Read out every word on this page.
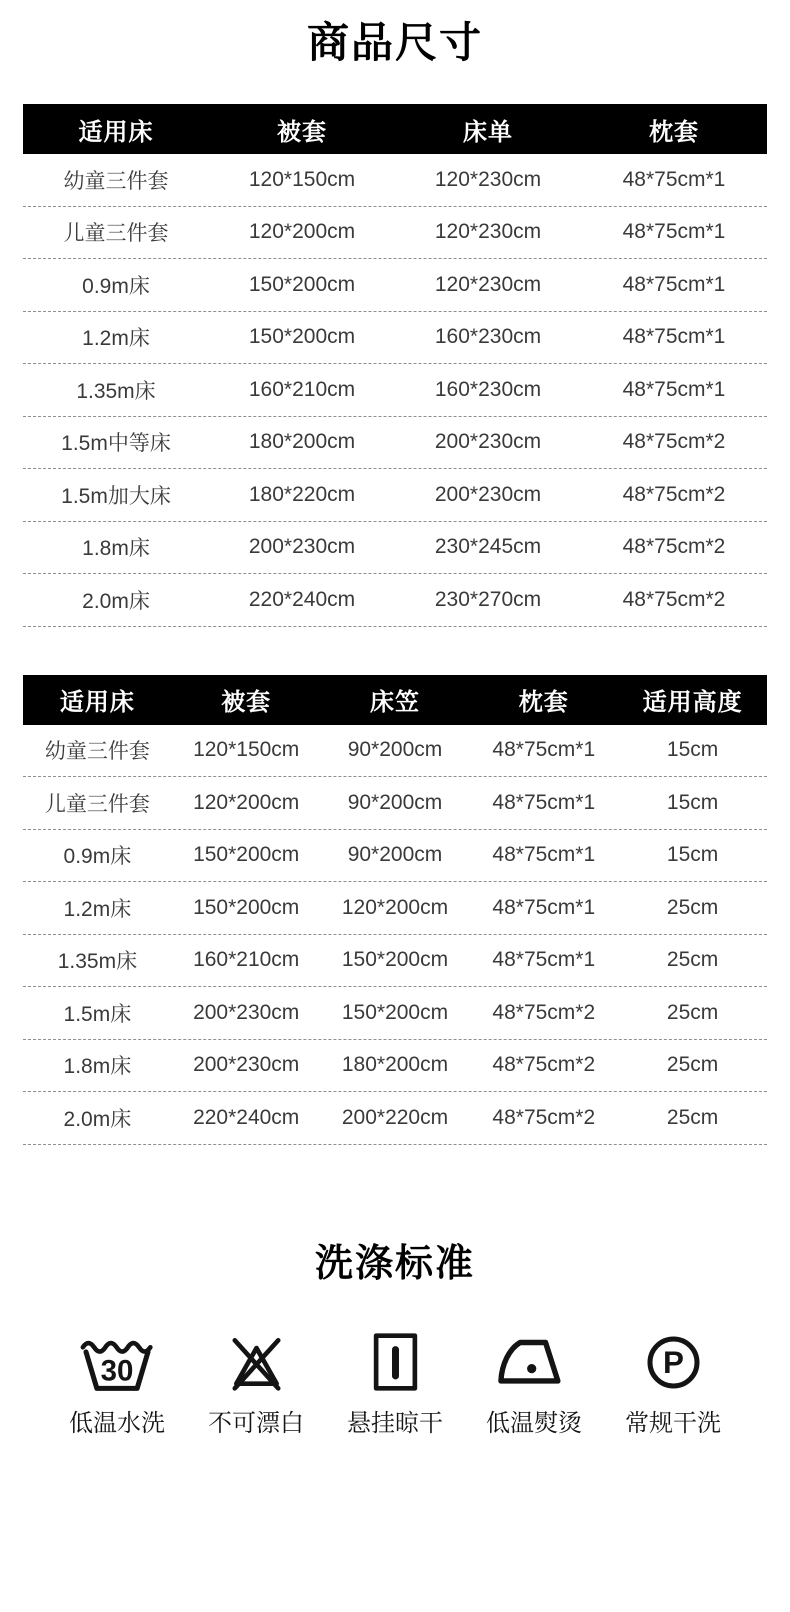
商品尺寸
适用床	被套	床单	枕套
幼童三件套	120*150cm	120*230cm	48*75cm*1
儿童三件套	120*200cm	120*230cm	48*75cm*1
0.9m床	150*200cm	120*230cm	48*75cm*1
1.2m床	150*200cm	160*230cm	48*75cm*1
1.35m床	160*210cm	160*230cm	48*75cm*1
1.5m中等床	180*200cm	200*230cm	48*75cm*2
1.5m加大床	180*220cm	200*230cm	48*75cm*2
1.8m床	200*230cm	230*245cm	48*75cm*2
2.0m床	220*240cm	230*270cm	48*75cm*2
适用床	被套	床笠	枕套	适用高度
幼童三件套	120*150cm	90*200cm	48*75cm*1	15cm
儿童三件套	120*200cm	90*200cm	48*75cm*1	15cm
0.9m床	150*200cm	90*200cm	48*75cm*1	15cm
1.2m床	150*200cm	120*200cm	48*75cm*1	25cm
1.35m床	160*210cm	150*200cm	48*75cm*1	25cm
1.5m床	200*230cm	150*200cm	48*75cm*2	25cm
1.8m床	200*230cm	180*200cm	48*75cm*2	25cm
2.0m床	220*240cm	200*220cm	48*75cm*2	25cm
洗涤标准
30
低温水洗 不可漂白 悬挂晾干 低温熨烫
P
常规干洗
